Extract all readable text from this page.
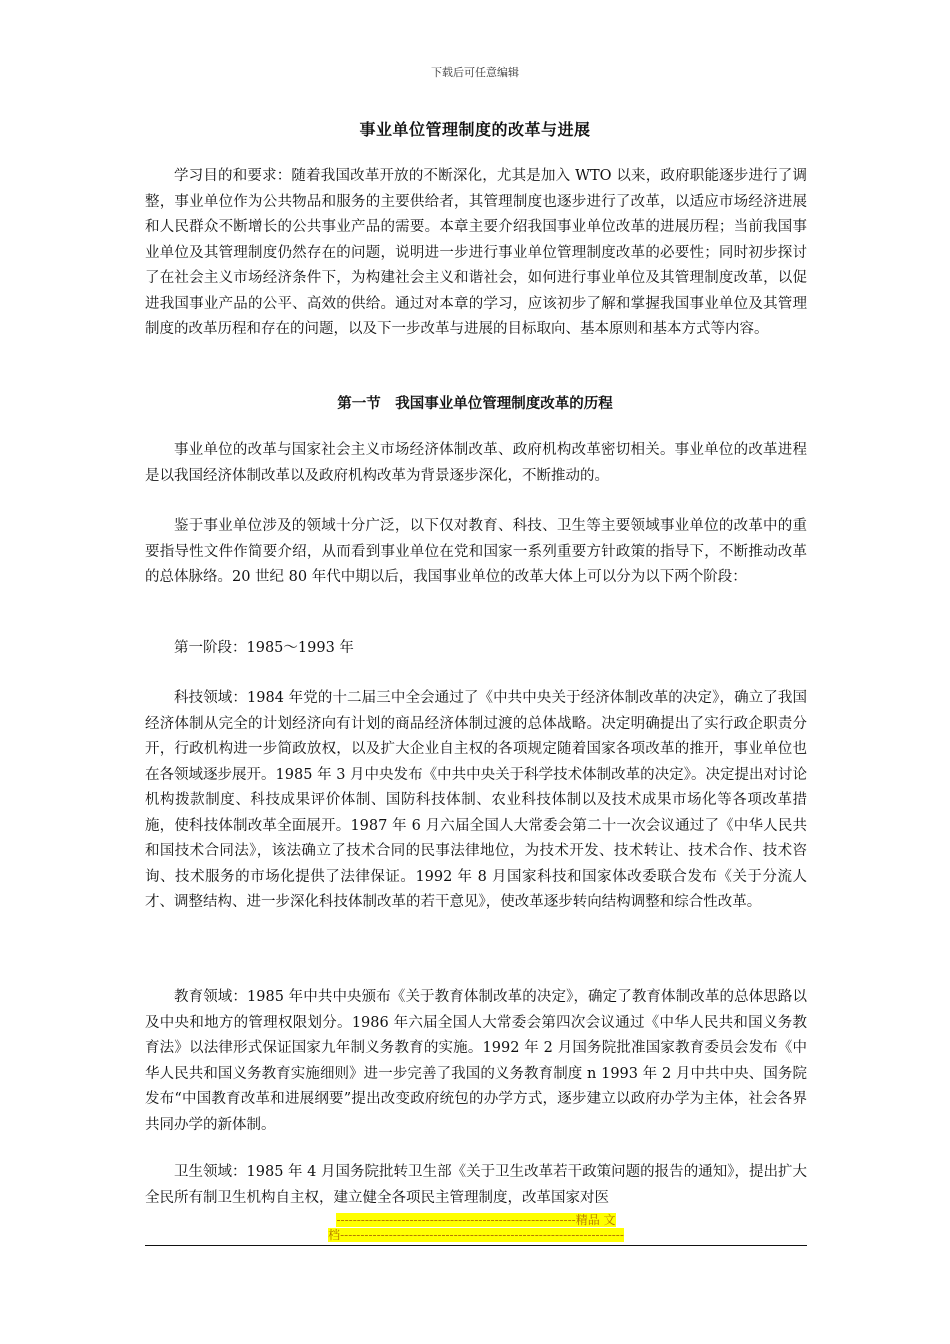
下载后可任意编辑
事业单位管理制度的改革与进展

学习目的和要求：随着我国改革开放的不断深化，尤其是加入 WTO 以来，政府职能逐步进行了调整，事业单位作为公共物品和服务的主要供给者，其管理制度也逐步进行了改革，以适应市场经济进展和人民群众不断增长的公共事业产品的需要。本章主要介绍我国事业单位改革的进展历程；当前我国事业单位及其管理制度仍然存在的问题，说明进一步进行事业单位管理制度改革的必要性；同时初步探讨了在社会主义市场经济条件下，为构建社会主义和谐社会，如何进行事业单位及其管理制度改革，以促进我国事业产品的公平、高效的供给。通过对本章的学习，应该初步了解和掌握我国事业单位及其管理制度的改革历程和存在的问题，以及下一步改革与进展的目标取向、基本原则和基本方式等内容。

第一节　我国事业单位管理制度改革的历程

事业单位的改革与国家社会主义市场经济体制改革、政府机构改革密切相关。事业单位的改革进程是以我国经济体制改革以及政府机构改革为背景逐步深化，不断推动的。

鉴于事业单位涉及的领域十分广泛，以下仅对教育、科技、卫生等主要领域事业单位的改革中的重要指导性文件作简要介绍，从而看到事业单位在党和国家一系列重要方针政策的指导下，不断推动改革的总体脉络。20 世纪 80 年代中期以后，我国事业单位的改革大体上可以分为以下两个阶段：

第一阶段：1985～1993 年

科技领域：1984 年党的十二届三中全会通过了《中共中央关于经济体制改革的决定》，确立了我国经济体制从完全的计划经济向有计划的商品经济体制过渡的总体战略。决定明确提出了实行政企职责分开，行政机构进一步简政放权，以及扩大企业自主权的各项规定随着国家各项改革的推开，事业单位也在各领域逐步展开。1985 年 3 月中央发布《中共中央关于科学技术体制改革的决定》。决定提出对讨论机构拨款制度、科技成果评价体制、国防科技体制、农业科技体制以及技术成果市场化等各项改革措施，使科技体制改革全面展开。1987 年 6 月六届全国人大常委会第二十一次会议通过了《中华人民共和国技术合同法》，该法确立了技术合同的民事法律地位，为技术开发、技术转让、技术合作、技术咨询、技术服务的市场化提供了法律保证。1992 年 8 月国家科技和国家体改委联合发布《关于分流人才、调整结构、进一步深化科技体制改革的若干意见》，使改革逐步转向结构调整和综合性改革。

教育领域：1985 年中共中央颁布《关于教育体制改革的决定》，确定了教育体制改革的总体思路以及中央和地方的管理权限划分。1986 年六届全国人大常委会第四次会议通过《中华人民共和国义务教育法》以法律形式保证国家九年制义务教育的实施。1992 年 2 月国务院批准国家教育委员会发布《中华人民共和国义务教育实施细则》进一步完善了我国的义务教育制度 n 1993 年 2 月中共中央、国务院发布“中国教育改革和进展纲要”提出改变政府统包的办学方式，逐步建立以政府办学为主体，社会各界共同办学的新体制。

卫生领域：1985 年 4 月国务院批转卫生部《关于卫生改革若干政策问题的报告的通知》，提出扩大全民所有制卫生机构自主权，建立健全各项民主管理制度，改革国家对医

-----------------------------------------------------------精品 文
档----------------------------------------------------------------------
